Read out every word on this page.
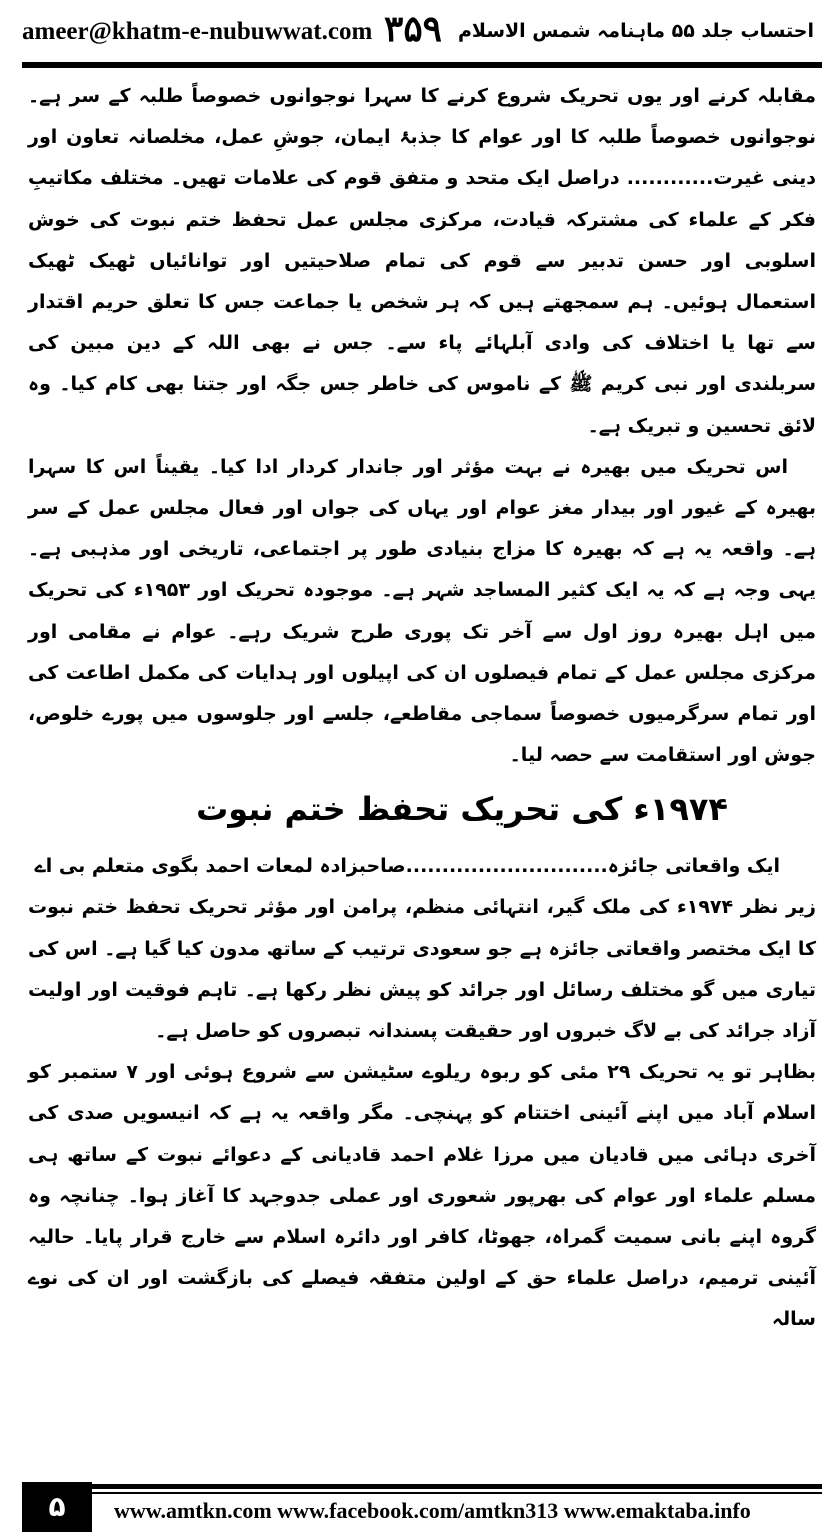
ameer@khatm-e-nubuwwat.com ۳۵۹ احتساب جلد ۵۵ ماہنامہ شمس الاسلام

مقابلہ کرنے اور یوں تحریک شروع کرنے کا سہرا نوجوانوں خصوصاً طلبہ کے سر ہے۔ نوجوانوں خصوصاً طلبہ کا اور عوام کا جذبۂ ایمان، جوشِ عمل، مخلصانہ تعاون اور دینی غیرت............ دراصل ایک متحد و متفق قوم کی علامات تھیں۔ مختلف مکاتیبِ فکر کے علماء کی مشترکہ قیادت، مرکزی مجلس عمل تحفظ ختم نبوت کی خوش اسلوبی اور حسن تدبیر سے قوم کی تمام صلاحیتیں اور توانائیاں ٹھیک ٹھیک استعمال ہوئیں۔ ہم سمجھتے ہیں کہ ہر شخص یا جماعت جس کا تعلق حریم اقتدار سے تھا یا اختلاف کی وادی آبلہائے پاء سے۔ جس نے بھی اللہ کے دین مبین کی سربلندی اور نبی کریم ﷺ کے ناموس کی خاطر جس جگہ اور جتنا بھی کام کیا۔ وہ لائق تحسین و تبریک ہے۔

اس تحریک میں بھیرہ نے بہت مؤثر اور جاندار کردار ادا کیا۔ یقیناً اس کا سہرا بھیرہ کے غیور اور بیدار مغز عوام اور یہاں کی جواں اور فعال مجلس عمل کے سر ہے۔ واقعہ یہ ہے کہ بھیرہ کا مزاج بنیادی طور پر اجتماعی، تاریخی اور مذہبی ہے۔ یہی وجہ ہے کہ یہ ایک کثیر المساجد شہر ہے۔ موجودہ تحریک اور ۱۹۵۳ء کی تحریک میں اہل بھیرہ روز اول سے آخر تک پوری طرح شریک رہے۔ عوام نے مقامی اور مرکزی مجلس عمل کے تمام فیصلوں ان کی اپیلوں اور ہدایات کی مکمل اطاعت کی اور تمام سرگرمیوں خصوصاً سماجی مقاطعے، جلسے اور جلوسوں میں پورے خلوص، جوش اور استقامت سے حصہ لیا۔

۱۹۷۴ء کی تحریک تحفظ ختم نبوت
ایک واقعاتی جائزہ............................صاحبزادہ لمعات احمد بگوی متعلم بی اے

زیر نظر ۱۹۷۴ء کی ملک گیر، انتہائی منظم، پرامن اور مؤثر تحریک تحفظ ختم نبوت کا ایک مختصر واقعاتی جائزہ ہے جو سعودی ترتیب کے ساتھ مدون کیا گیا ہے۔ اس کی تیاری میں گو مختلف رسائل اور جرائد کو پیش نظر رکھا ہے۔ تاہم فوقیت اور اولیت آزاد جرائد کی بے لاگ خبروں اور حقیقت پسندانہ تبصروں کو حاصل ہے۔

بظاہر تو یہ تحریک ۲۹ مئی کو ربوہ ریلوے سٹیشن سے شروع ہوئی اور ۷ ستمبر کو اسلام آباد میں اپنے آئینی اختتام کو پہنچی۔ مگر واقعہ یہ ہے کہ انیسویں صدی کی آخری دہائی میں قادیان میں مرزا غلام احمد قادیانی کے دعوائے نبوت کے ساتھ ہی مسلم علماء اور عوام کی بھرپور شعوری اور عملی جدوجہد کا آغاز ہوا۔ چنانچہ وہ گروہ اپنے بانی سمیت گمراہ، جھوٹا، کافر اور دائرہ اسلام سے خارج قرار پایا۔ حالیہ آئینی ترمیم، دراصل علماء حق کے اولین متفقہ فیصلے کی بازگشت اور ان کی نوے سالہ

۵	www.amtkn.com www.facebook.com/amtkn313 www.emaktaba.info
